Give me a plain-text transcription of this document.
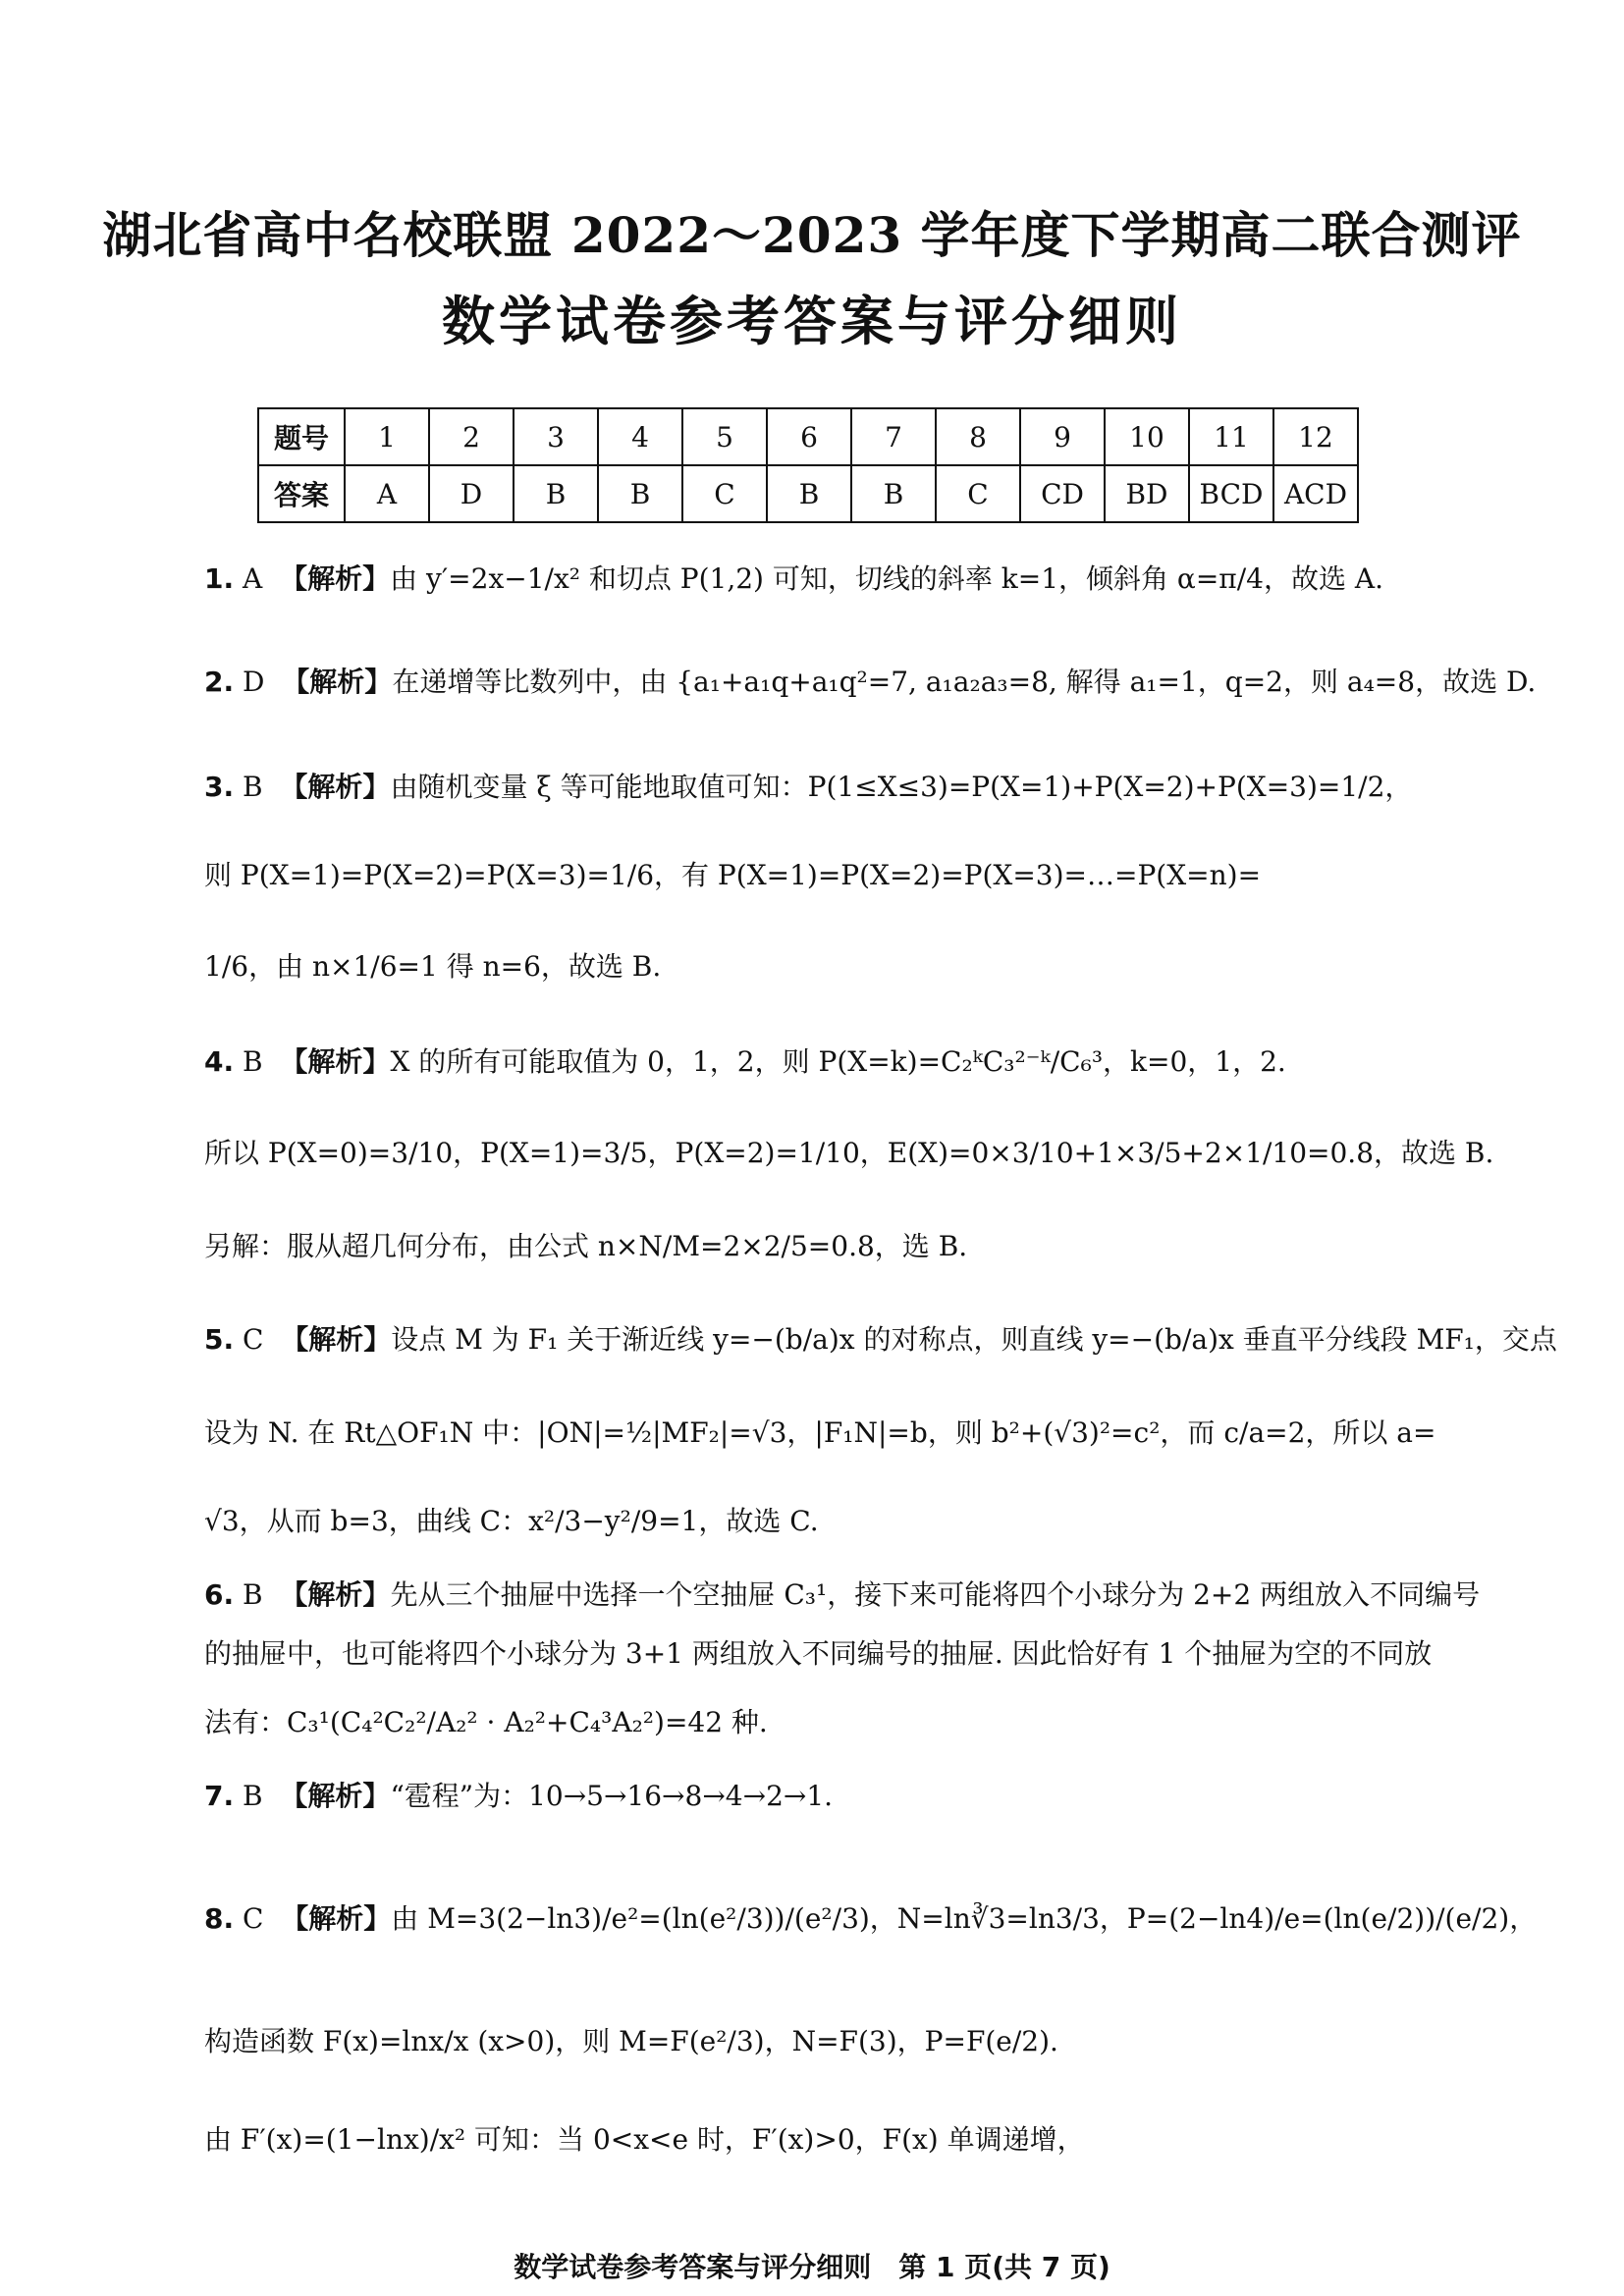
湖北省高中名校联盟 2022～2023 学年度下学期高二联合测评
数学试卷参考答案与评分细则
题号	1	2	3	4	5	6	7	8	9	10	11	12
答案	A	D	B	B	C	B	B	C	CD	BD	BCD	ACD
1. A 【解析】由 y′=2x−1/x² 和切点 P(1,2) 可知，切线的斜率 k=1，倾斜角 α=π/4，故选 A.
2. D 【解析】在递增等比数列中，由 {a₁+a₁q+a₁q²=7, a₁a₂a₃=8, 解得 a₁=1，q=2，则 a₄=8，故选 D.
3. B 【解析】由随机变量 ξ 等可能地取值可知：P(1≤X≤3)=P(X=1)+P(X=2)+P(X=3)=1/2，
则 P(X=1)=P(X=2)=P(X=3)=1/6，有 P(X=1)=P(X=2)=P(X=3)=…=P(X=n)=
1/6，由 n×1/6=1 得 n=6，故选 B.
4. B 【解析】X 的所有可能取值为 0，1，2，则 P(X=k)=C₂ᵏC₃²⁻ᵏ/C₆³，k=0，1，2.
所以 P(X=0)=3/10，P(X=1)=3/5，P(X=2)=1/10，E(X)=0×3/10+1×3/5+2×1/10=0.8，故选 B.
另解：服从超几何分布，由公式 n×N/M=2×2/5=0.8，选 B.
5. C 【解析】设点 M 为 F₁ 关于渐近线 y=−(b/a)x 的对称点，则直线 y=−(b/a)x 垂直平分线段 MF₁，交点
设为 N. 在 Rt△OF₁N 中：|ON|=½|MF₂|=√3，|F₁N|=b，则 b²+(√3)²=c²，而 c/a=2，所以 a=
√3，从而 b=3，曲线 C：x²/3−y²/9=1，故选 C.
6. B 【解析】先从三个抽屉中选择一个空抽屉 C₃¹，接下来可能将四个小球分为 2+2 两组放入不同编号
的抽屉中，也可能将四个小球分为 3+1 两组放入不同编号的抽屉. 因此恰好有 1 个抽屉为空的不同放
法有：C₃¹(C₄²C₂²/A₂² · A₂²+C₄³A₂²)=42 种.
7. B 【解析】“雹程”为：10→5→16→8→4→2→1.
8. C 【解析】由 M=3(2−ln3)/e²=(ln(e²/3))/(e²/3)，N=ln∛3=ln3/3，P=(2−ln4)/e=(ln(e/2))/(e/2)，
构造函数 F(x)=lnx/x (x>0)，则 M=F(e²/3)，N=F(3)，P=F(e/2).
由 F′(x)=(1−lnx)/x² 可知：当 0<x<e 时，F′(x)>0，F(x) 单调递增，
数学试卷参考答案与评分细则　第 1 页(共 7 页)
